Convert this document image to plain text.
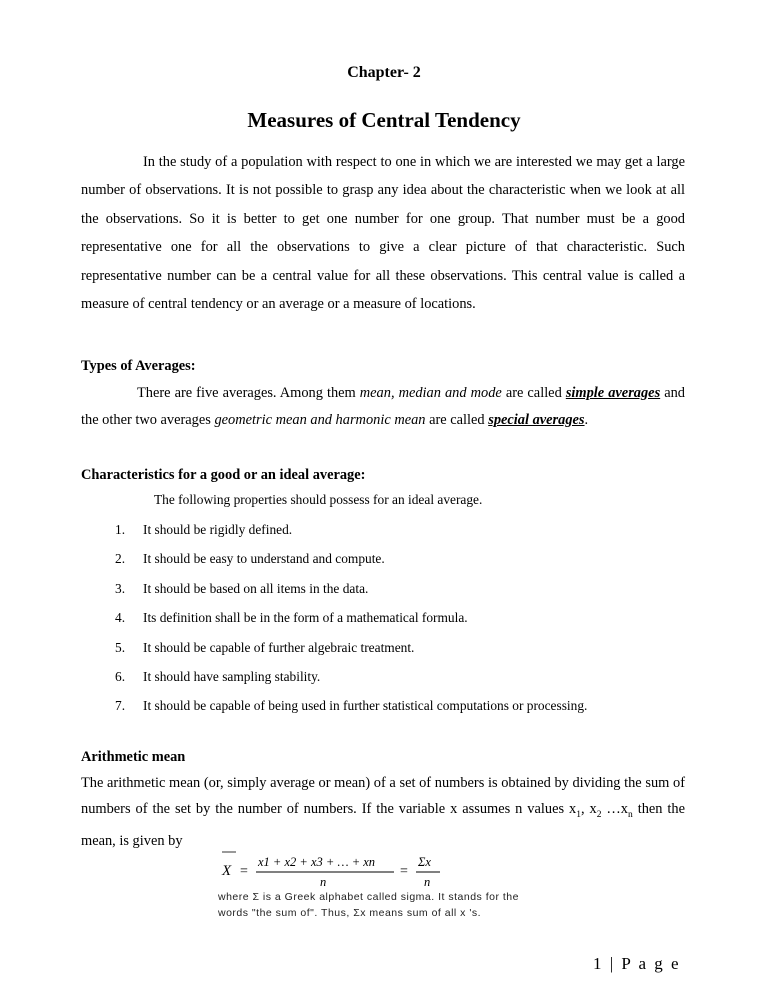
Chapter- 2
Measures of Central Tendency

In the study of a population with respect to one in which we are interested we may get a large number of observations. It is not possible to grasp any idea about the characteristic when we look at all the observations. So it is better to get one number for one group. That number must be a good representative one for all the observations to give a clear picture of that characteristic. Such representative number can be a central value for all these observations. This central value is called a measure of central tendency or an average or a measure of locations.

Types of Averages:

There are five averages. Among them mean, median and mode are called simple averages and the other two averages geometric mean and harmonic mean are called special averages.

Characteristics for a good or an ideal average:
The following properties should possess for an ideal average.
1. It should be rigidly defined.
2. It should be easy to understand and compute.
3. It should be based on all items in the data.
4. Its definition shall be in the form of a mathematical formula.
5. It should be capable of further algebraic treatment.
6. It should have sampling stability.
7. It should be capable of being used in further statistical computations or processing.
Arithmetic mean

The arithmetic mean (or, simply average or mean) of a set of numbers is obtained by dividing the sum of numbers of the set by the number of numbers. If the variable x assumes n values $x_1$, $x_2$ $\dots x_n$ then the mean, is given by

X =
x1 + x2 + x3 + … + xn
n
=
Σx
n
where Σ is a Greek alphabet called sigma. It stands for the
words "the sum of". Thus, Σx means sum of all x 's.
1 | P a g e
